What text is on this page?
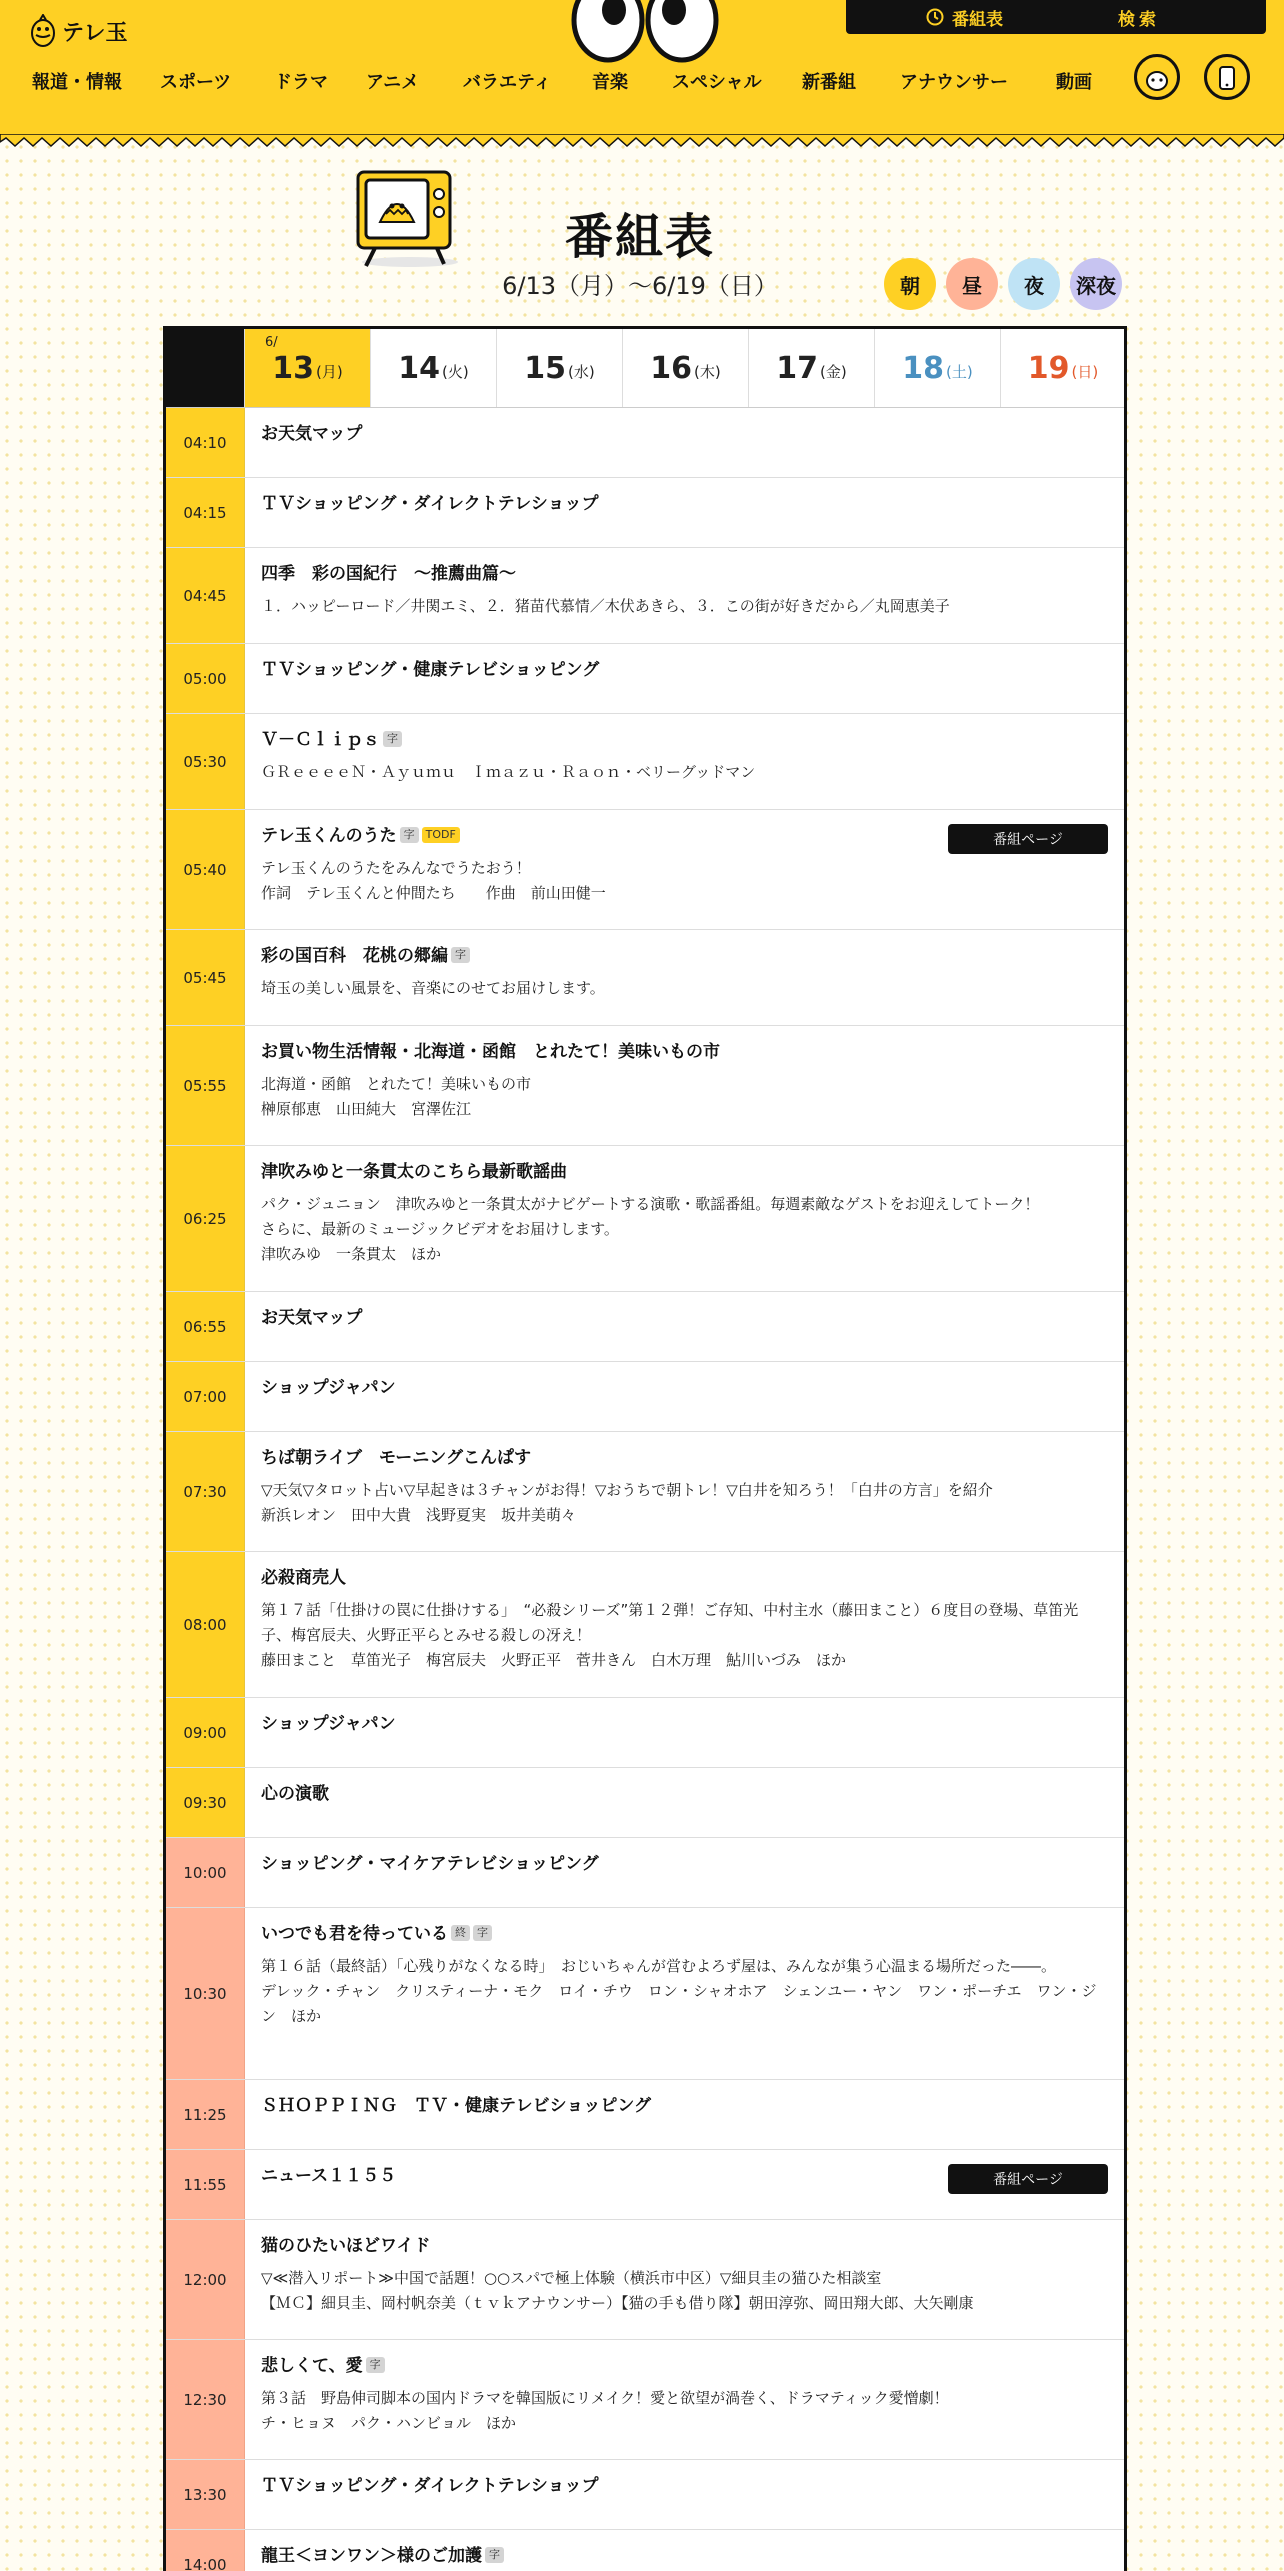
テレ玉
番組表	検索
報道・情報 スポーツ ドラマ アニメ バラエティ 音楽 スペシャル 新番組 アナウンサー	動画
番組表
6/13（月）〜6/19（日）	朝 昼 夜 深夜
6/
13 (月) 14 (火) 15 (水) 16 (木) 17 (金) 18 (土) 19 (日)
04:10	お天気マップ
04:15	ＴＶショッピング・ダイレクトテレショップ
04:45
四季　彩の国紀行　～推薦曲篇～
１．ハッピーロード／井関エミ、２．猪苗代慕情／木伏あきら、３．この街が好きだから／丸岡恵美子
05:00	ＴＶショッピング・健康テレビショッピング
05:30
Ｖ－Ｃｌｉｐｓ 字
ＧＲｅｅｅｅＮ・Ａｙｕｍｕ　Ｉｍａｚｕ・Ｒａｏｎ・ベリーグッドマン
05:40
テレ玉くんのうた 字 TODF
テレ玉くんのうたをみんなでうたおう！
作詞　テレ玉くんと仲間たち　　作曲　前山田健一
番組ページ
05:45
彩の国百科　花桃の郷編 字
埼玉の美しい風景を、音楽にのせてお届けします。
05:55
お買い物生活情報・北海道・函館　とれたて！美味いもの市
北海道・函館　とれたて！美味いもの市
榊原郁恵　山田純大　宮澤佐江
06:25
津吹みゆと一条貫太のこちら最新歌謡曲
パク・ジュニョン　津吹みゆと一条貫太がナビゲートする演歌・歌謡番組。毎週素敵なゲストをお迎えしてトーク！
さらに、最新のミュージックビデオをお届けします。
津吹みゆ　一条貫太　ほか
06:55	お天気マップ
07:00	ショップジャパン
07:30
ちば朝ライブ　モーニングこんぱす
▽天気▽タロット占い▽早起きは３チャンがお得！▽おうちで朝トレ！▽白井を知ろう！「白井の方言」を紹介
新浜レオン　田中大貴　浅野夏実　坂井美萌々
08:00
必殺商売人
第１７話「仕掛けの罠に仕掛けする」　“必殺シリーズ”第１２弾！ご存知、中村主水（藤田まこと）６度目の登場、草笛光子、梅宮辰夫、火野正平らとみせる殺しの冴え！
藤田まこと　草笛光子　梅宮辰夫　火野正平　菅井きん　白木万理　鮎川いづみ　ほか
09:00	ショップジャパン
09:30	心の演歌
10:00	ショッピング・マイケアテレビショッピング
10:30
いつでも君を待っている 終 字
第１６話（最終話）「心残りがなくなる時」　おじいちゃんが営むよろず屋は、みんなが集う心温まる場所だった――。
デレック・チャン　クリスティーナ・モク　ロイ・チウ　ロン・シャオホア　シェンユー・ヤン　ワン・ポーチエ　ワン・ジン　ほか
11:25	ＳＨＯＰＰＩＮＧ　ＴＶ・健康テレビショッピング
11:55	ニュース１１５５	番組ページ
12:00
猫のひたいほどワイド
▽≪潜入リポート≫中国で話題！○○スパで極上体験（横浜市中区）▽細貝圭の猫ひた相談室
【ＭＣ】細貝圭、岡村帆奈美（ｔｖｋアナウンサー）【猫の手も借り隊】朝田淳弥、岡田翔大郎、大矢剛康
12:30
悲しくて、愛 字
第３話　野島伸司脚本の国内ドラマを韓国版にリメイク！愛と欲望が渦巻く、ドラマティック愛憎劇！
チ・ヒョヌ　パク・ハンビョル　ほか
13:30	ＴＶショッピング・ダイレクトテレショップ
14:00	龍王＜ヨンワン＞様のご加護 字
